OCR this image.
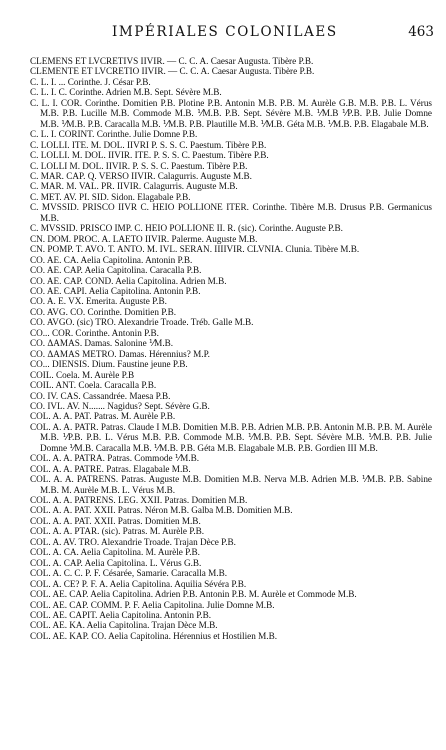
IMPÉRIALES COLONILAES	463

CLEMENS ET LVCRETIVS IIVIR. — C. C. A. Caesar Augusta. Tibère P.B.

CLEMENTE ET LVCRETIO IIVIR. — C. C. A. Caesar Augusta. Tibère P.B.

C. L. I. ... Corinthe. J. César P.B.

C. L. I. C. Corinthe. Adrien M.B. Sept. Sévère M.B.

C. L. I. COR. Corinthe. Domitien P.B. Plotine P.B. Antonin M.B. P.B. M. Aurèle G.B. M.B. P.B. L. Vérus M.B. P.B. Lucille M.B. Commode M.B. ⅟M.B. P.B. Sept. Sévère M.B. ⅟M.B ⅟P.B. P.B. Julie Domne M.B. ⅟M.B. P.B. Caracalla M.B. ⅟M.B. P.B. Plautille M.B. ⅟M.B. Géta M.B. ⅟M.B. P.B. Elagabale M.B.

C. L. I. CORINT. Corinthe. Julie Domne P.B.

C. LOLLI. ITE. M. DOL. IIVRI P. S. S. C. Paestum. Tibère P.B.

C. LOLLI. M. DOL. IIVIR. ITE. P. S. S. C. Paestum. Tibère P.B.

C. LOLLI M. DOL. IIVIR. P. S. S. C. Paestum. Tibère P.B.

C. MAR. CAP. Q. VERSO IIVIR. Calagurris. Auguste M.B.

C. MAR. M. VAL. PR. IIVIR. Calagurris. Auguste M.B.

C. MET. AV. PI. SID. Sidon. Elagabale P.B.

C. MVSSID. PRISCO IIVR C. HEIO POLLIONE ITER. Corinthe. Tibère M.B. Drusus P.B. Germanicus M.B.

C. MVSSID. PRISCO IMP. C. HEIO POLLIONE II. R. (sic). Corinthe. Auguste P.B.

CN. DOM. PROC. A. LAETO IIVIR. Palerme. Auguste M.B.

CN. POMP. T. AVO. T. ANTO. M. IVL. SERAN. IIIIVIR. CLVNIA. Clunia. Tibère M.B.

CO. AE. CA. Aelia Capitolina. Antonin P.B.

CO. AE. CAP. Aelia Capitolina. Caracalla P.B.

CO. AE. CAP. COND. Aelia Capitolina. Adrien M.B.

CO. AE. CAPI. Aelia Capitolina. Antonin P.B.

CO. A. E. VX. Emerita. Auguste P.B.

CO. AVG. CO. Corinthe. Domitien P.B.

CO. AVGO. (sic) TRO. Alexandrie Troade. Tréb. Galle M.B.

CO... COR. Corinthe. Antonin P.B.

CO. ΔAMAS. Damas. Salonine ⅟M.B.

CO. ΔAMAS METRO. Damas. Hérennius? M.P.

CO... DIENSIS. Dium. Faustine jeune P.B.

COIL. Coela. M. Aurèle P.B

COIL. ANT. Coela. Caracalla P.B.

CO. IV. CAS. Cassandrée. Maesa P.B.

CO. IVL. AV. N....... Nagidus? Sept. Sévère G.B.

COL. A. A. PAT. Patras. M. Aurèle P.B.

COL. A. A. PATR. Patras. Claude I M.B. Domitien M.B. P.B. Adrien M.B. P.B. Antonin M.B. P.B. M. Aurèle M.B. ⅟P.B. P.B. L. Vérus M.B. P.B. Commode M.B. ⅟M.B. P.B. Sept. Sévère M.B. ⅟M.B. P.B. Julie Domne ⅟M.B. Caracalla M.B. ⅟M.B. P.B. Géta M.B. Elagabale M.B. P.B. Gordien III M.B.

COL. A. A. PATRA. Patras. Commode ⅟M.B.

COL. A. A. PATRE. Patras. Elagabale M.B.

COL. A. A. PATRENS. Patras. Auguste M.B. Domitien M.B. Nerva M.B. Adrien M.B. ⅟M.B. P.B. Sabine M.B. M. Aurèle M.B. L. Vérus M.B.

COL. A. A. PATRENS. LEG. XXII. Patras. Domitien M.B.

COL. A. A. PAT. XXII. Patras. Néron M.B. Galba M.B. Domitien M.B.

COL. A. A. PAT. XXII. Patras. Domitien M.B.

COL. A. A. PTAR. (sic). Patras. M. Aurèle P.B.

COL. A. AV. TRO. Alexandrie Troade. Trajan Dèce P.B.

COL. A. CA. Aelia Capitolina. M. Aurèle P.B.

COL. A. CAP. Aelia Capitolina. L. Vérus G.B.

COL. A. C. C. P. F. Césarée, Samarie. Caracalla M.B.

COL. A. CE? P. F. A. Aelia Capitolina. Aquilia Sévéra P.B.

COL. AE. CAP. Aelia Capitolina. Adrien P.B. Antonin P.B. M. Aurèle et Commode M.B.

COL. AE. CAP. COMM. P. F. Aelia Capitolina. Julie Domne M.B.

COL. AE. CAPIT. Aelia Capitolina. Antonin P.B.

COL. AE. KA. Aelia Capitolina. Trajan Dèce M.B.

COL. AE. KAP. CO. Aelia Capitolina. Hérennius et Hostilien M.B.
